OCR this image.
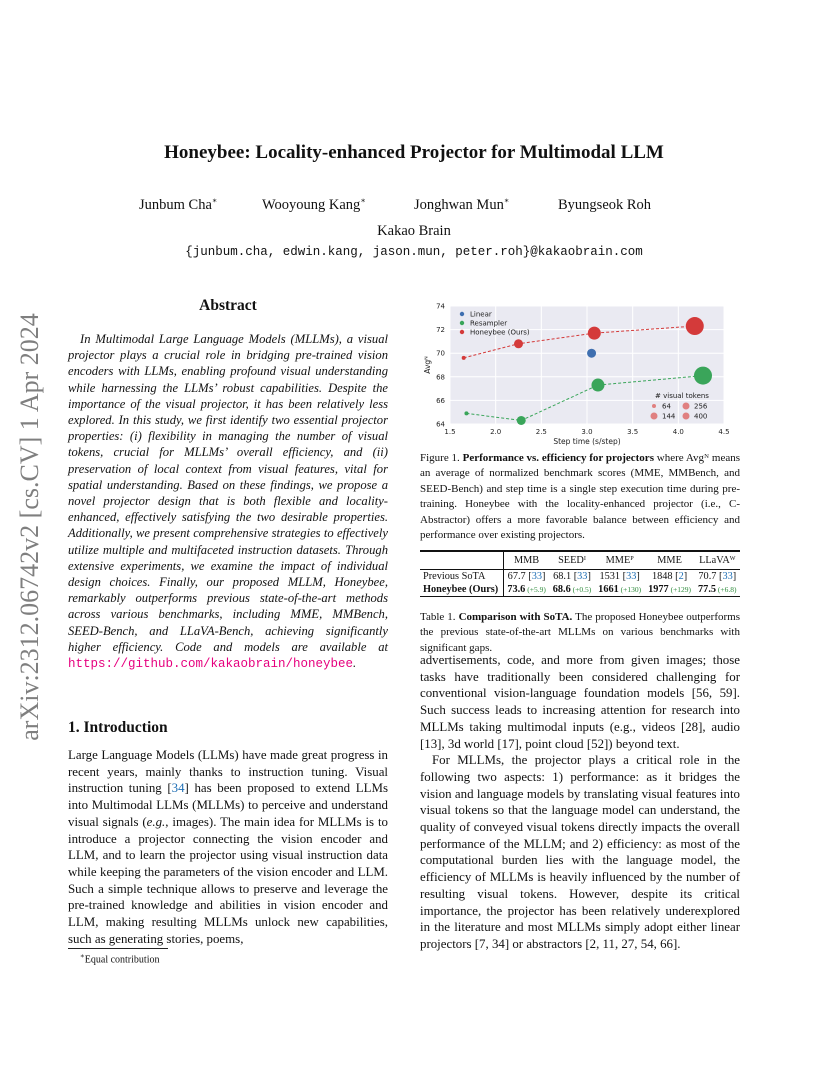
arXiv:2312.06742v2 [cs.CV] 1 Apr 2024
Honeybee: Locality-enhanced Projector for Multimodal LLM
Junbum Cha∗	Wooyoung Kang∗	Jonghwan Mun∗	Byungseok Roh
Kakao Brain
{junbum.cha, edwin.kang, jason.mun, peter.roh}@kakaobrain.com
Abstract

In Multimodal Large Language Models (MLLMs), a visual projector plays a crucial role in bridging pre-trained vision encoders with LLMs, enabling profound visual understanding while harnessing the LLMs’ robust capabilities. Despite the importance of the visual projector, it has been relatively less explored. In this study, we first identify two essential projector properties: (i) flexibility in managing the number of visual tokens, crucial for MLLMs’ overall efficiency, and (ii) preservation of local context from visual features, vital for spatial understanding. Based on these findings, we propose a novel projector design that is both flexible and locality-enhanced, effectively satisfying the two desirable properties. Additionally, we present comprehensive strategies to effectively utilize multiple and multifaceted instruction datasets. Through extensive experiments, we examine the impact of individual design choices. Finally, our proposed MLLM, Honeybee, remarkably outperforms previous state-of-the-art methods across various benchmarks, including MME, MMBench, SEED-Bench, and LLaVA-Bench, achieving significantly higher efficiency. Code and models are available at https://github.com/kakaobrain/honeybee.

1. Introduction

Large Language Models (LLMs) have made great progress in recent years, mainly thanks to instruction tuning. Visual instruction tuning [34] has been proposed to extend LLMs into Multimodal LLMs (MLLMs) to perceive and understand visual signals (e.g., images). The main idea for MLLMs is to introduce a projector connecting the vision encoder and LLM, and to learn the projector using visual instruction data while keeping the parameters of the vision encoder and LLM. Such a simple technique allows to preserve and leverage the pre-trained knowledge and abilities in vision encoder and LLM, making resulting MLLMs unlock new capabilities, such as generating stories, poems,

∗Equal contribution
1.5	2.0	2.5	3.0	3.5	4.0	4.5
64
66
68
70
72
74
Step time (s/step)
Avgᴺ
Linear
Resampler
Honeybee (Ours)
# visual tokens
64
144
256
400
Figure 1. Performance vs. efficiency for projectors where Avgᴺ means an average of normalized benchmark scores (MME, MMBench, and SEED-Bench) and step time is a single step execution time during pre-training. Honeybee with the locality-enhanced projector (i.e., C-Abstractor) offers a more favorable balance between efficiency and performance over existing projectors.
	MMB	SEEDᴵ	MMEᴾ	MME	LLaVAᵂ
Previous SoTA	67.7 [33]	68.1 [33]	1531 [33]	1848 [2]	70.7 [33]
Honeybee (Ours)	73.6 (+5.9)	68.6 (+0.5)	1661 (+130)	1977 (+129)	77.5 (+6.8)
Table 1. Comparison with SoTA. The proposed Honeybee outperforms the previous state-of-the-art MLLMs on various benchmarks with significant gaps.

advertisements, code, and more from given images; those tasks have traditionally been considered challenging for conventional vision-language foundation models [56, 59]. Such success leads to increasing attention for research into MLLMs taking multimodal inputs (e.g., videos [28], audio [13], 3d world [17], point cloud [52]) beyond text.

For MLLMs, the projector plays a critical role in the following two aspects: 1) performance: as it bridges the vision and language models by translating visual features into visual tokens so that the language model can understand, the quality of conveyed visual tokens directly impacts the overall performance of the MLLM; and 2) efficiency: as most of the computational burden lies with the language model, the efficiency of MLLMs is heavily influenced by the number of resulting visual tokens. However, despite its critical importance, the projector has been relatively underexplored in the literature and most MLLMs simply adopt either linear projectors [7, 34] or abstractors [2, 11, 27, 54, 66].
